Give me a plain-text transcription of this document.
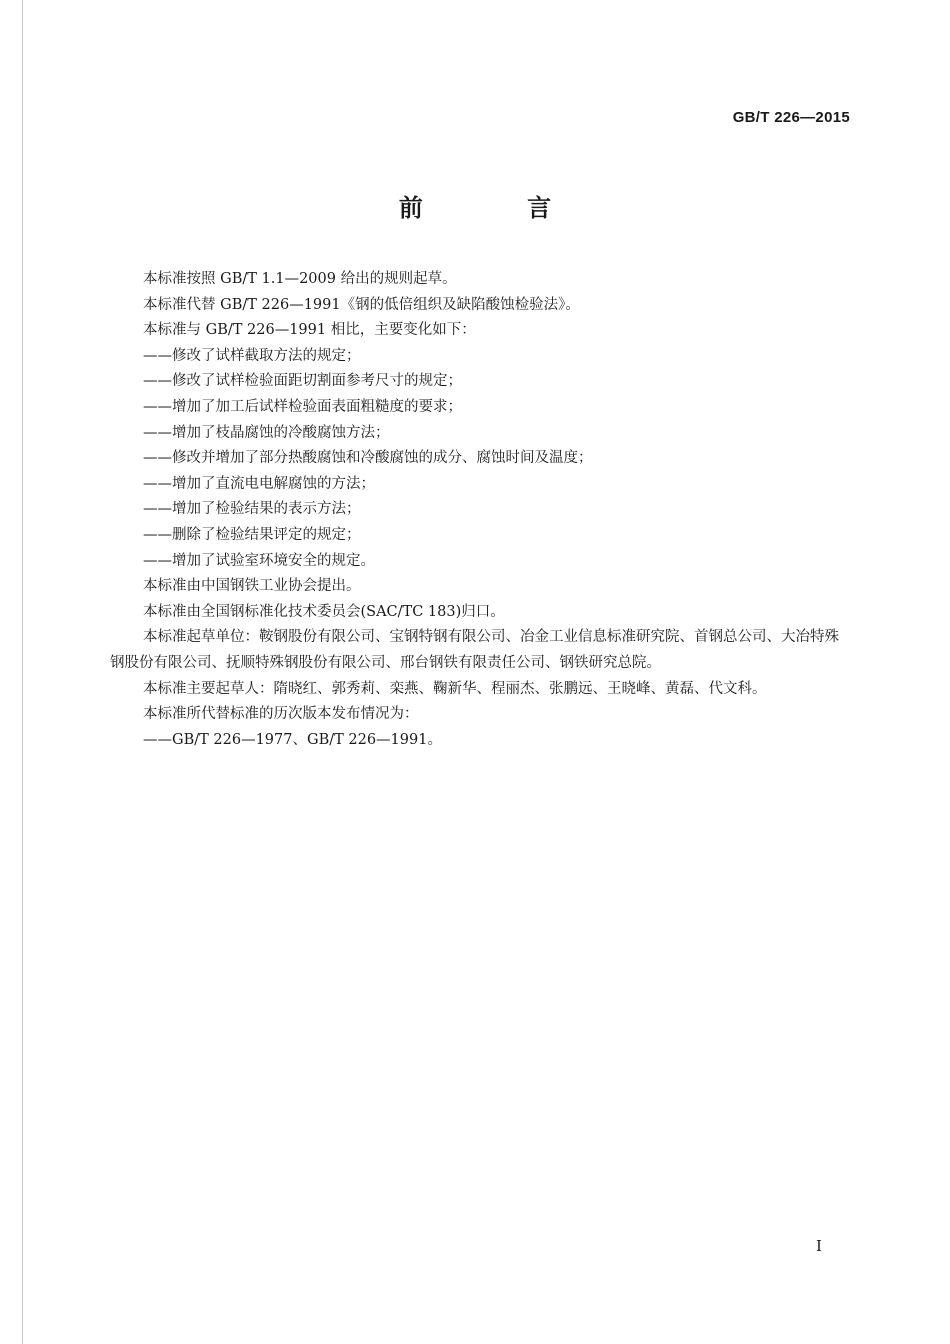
GB/T 226—2015
前 言

本标准按照 GB/T 1.1—2009 给出的规则起草。

本标准代替 GB/T 226—1991《钢的低倍组织及缺陷酸蚀检验法》。

本标准与 GB/T 226—1991 相比，主要变化如下：

——修改了试样截取方法的规定；

——修改了试样检验面距切割面参考尺寸的规定；

——增加了加工后试样检验面表面粗糙度的要求；

——增加了枝晶腐蚀的冷酸腐蚀方法；

——修改并增加了部分热酸腐蚀和冷酸腐蚀的成分、腐蚀时间及温度；

——增加了直流电电解腐蚀的方法；

——增加了检验结果的表示方法；

——删除了检验结果评定的规定；

——增加了试验室环境安全的规定。

本标准由中国钢铁工业协会提出。

本标准由全国钢标准化技术委员会(SAC/TC 183)归口。

本标准起草单位：鞍钢股份有限公司、宝钢特钢有限公司、冶金工业信息标准研究院、首钢总公司、大冶特殊钢股份有限公司、抚顺特殊钢股份有限公司、邢台钢铁有限责任公司、钢铁研究总院。

本标准主要起草人：隋晓红、郭秀莉、栾燕、鞠新华、程丽杰、张鹏远、王晓峰、黄磊、代文科。

本标准所代替标准的历次版本发布情况为：

——GB/T 226—1977、GB/T 226—1991。

I
